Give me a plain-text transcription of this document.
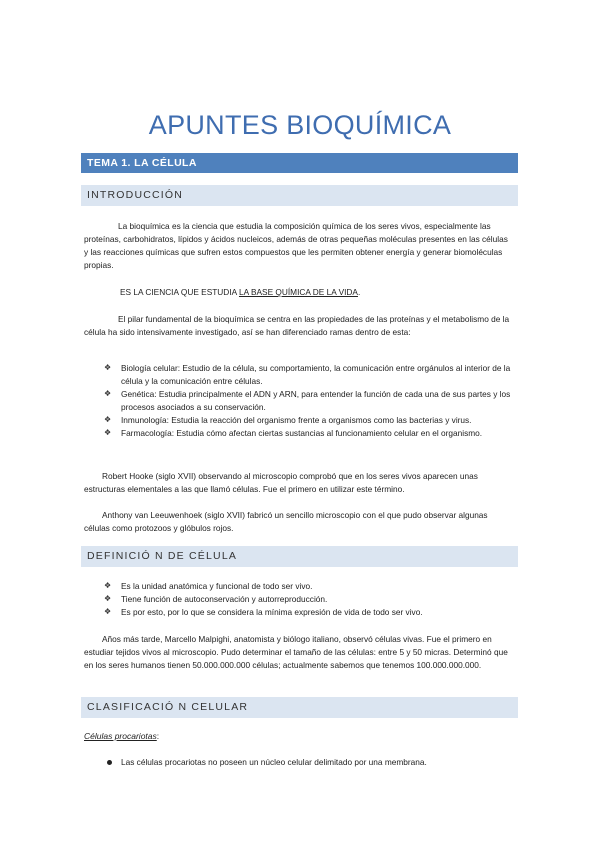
APUNTES BIOQUÍMICA
TEMA 1. LA CÉLULA
INTRODUCCIÓN

La bioquímica es la ciencia que estudia la composición química de los seres vivos, especialmente las proteínas, carbohidratos, lípidos y ácidos nucleicos, además de otras pequeñas moléculas presentes en las células y las reacciones químicas que sufren estos compuestos que les permiten obtener energía y generar biomoléculas propias.

ES LA CIENCIA QUE ESTUDIA LA BASE QUÍMICA DE LA VIDA.

El pilar fundamental de la bioquímica se centra en las propiedades de las proteínas y el metabolismo de la célula ha sido intensivamente investigado, así se han diferenciado ramas dentro de esta:

❖	Biología celular: Estudio de la célula, su comportamiento, la comunicación entre orgánulos al interior de la célula y la comunicación entre células.
❖	Genética: Estudia principalmente el ADN y ARN, para entender la función de cada una de sus partes y los procesos asociados a su conservación.
❖	Inmunología: Estudia la reacción del organismo frente a organismos como las bacterias y virus.
❖	Farmacología: Estudia cómo afectan ciertas sustancias al funcionamiento celular en el organismo.

Robert Hooke (siglo XVII) observando al microscopio comprobó que en los seres vivos aparecen unas estructuras elementales a las que llamó células. Fue el primero en utilizar este término.

Anthony van Leeuwenhoek (siglo XVII) fabricó un sencillo microscopio con el que pudo observar algunas células como protozoos y glóbulos rojos.

DEFINICIÓ N DE CÉLULA
❖	Es la unidad anatómica y funcional de todo ser vivo.
❖	Tiene función de autoconservación y autorreproducción.
❖	Es por esto, por lo que se considera la mínima expresión de vida de todo ser vivo.

Años más tarde, Marcello Malpighi, anatomista y biólogo italiano, observó células vivas. Fue el primero en estudiar tejidos vivos al microscopio. Pudo determinar el tamaño de las células: entre 5 y 50 micras. Determinó que en los seres humanos tienen 50.000.000.000 células; actualmente sabemos que tenemos 100.000.000.000.

CLASIFICACIÓ N CELULAR
Células procariotas:
Las células procariotas no poseen un núcleo celular delimitado por una membrana.
